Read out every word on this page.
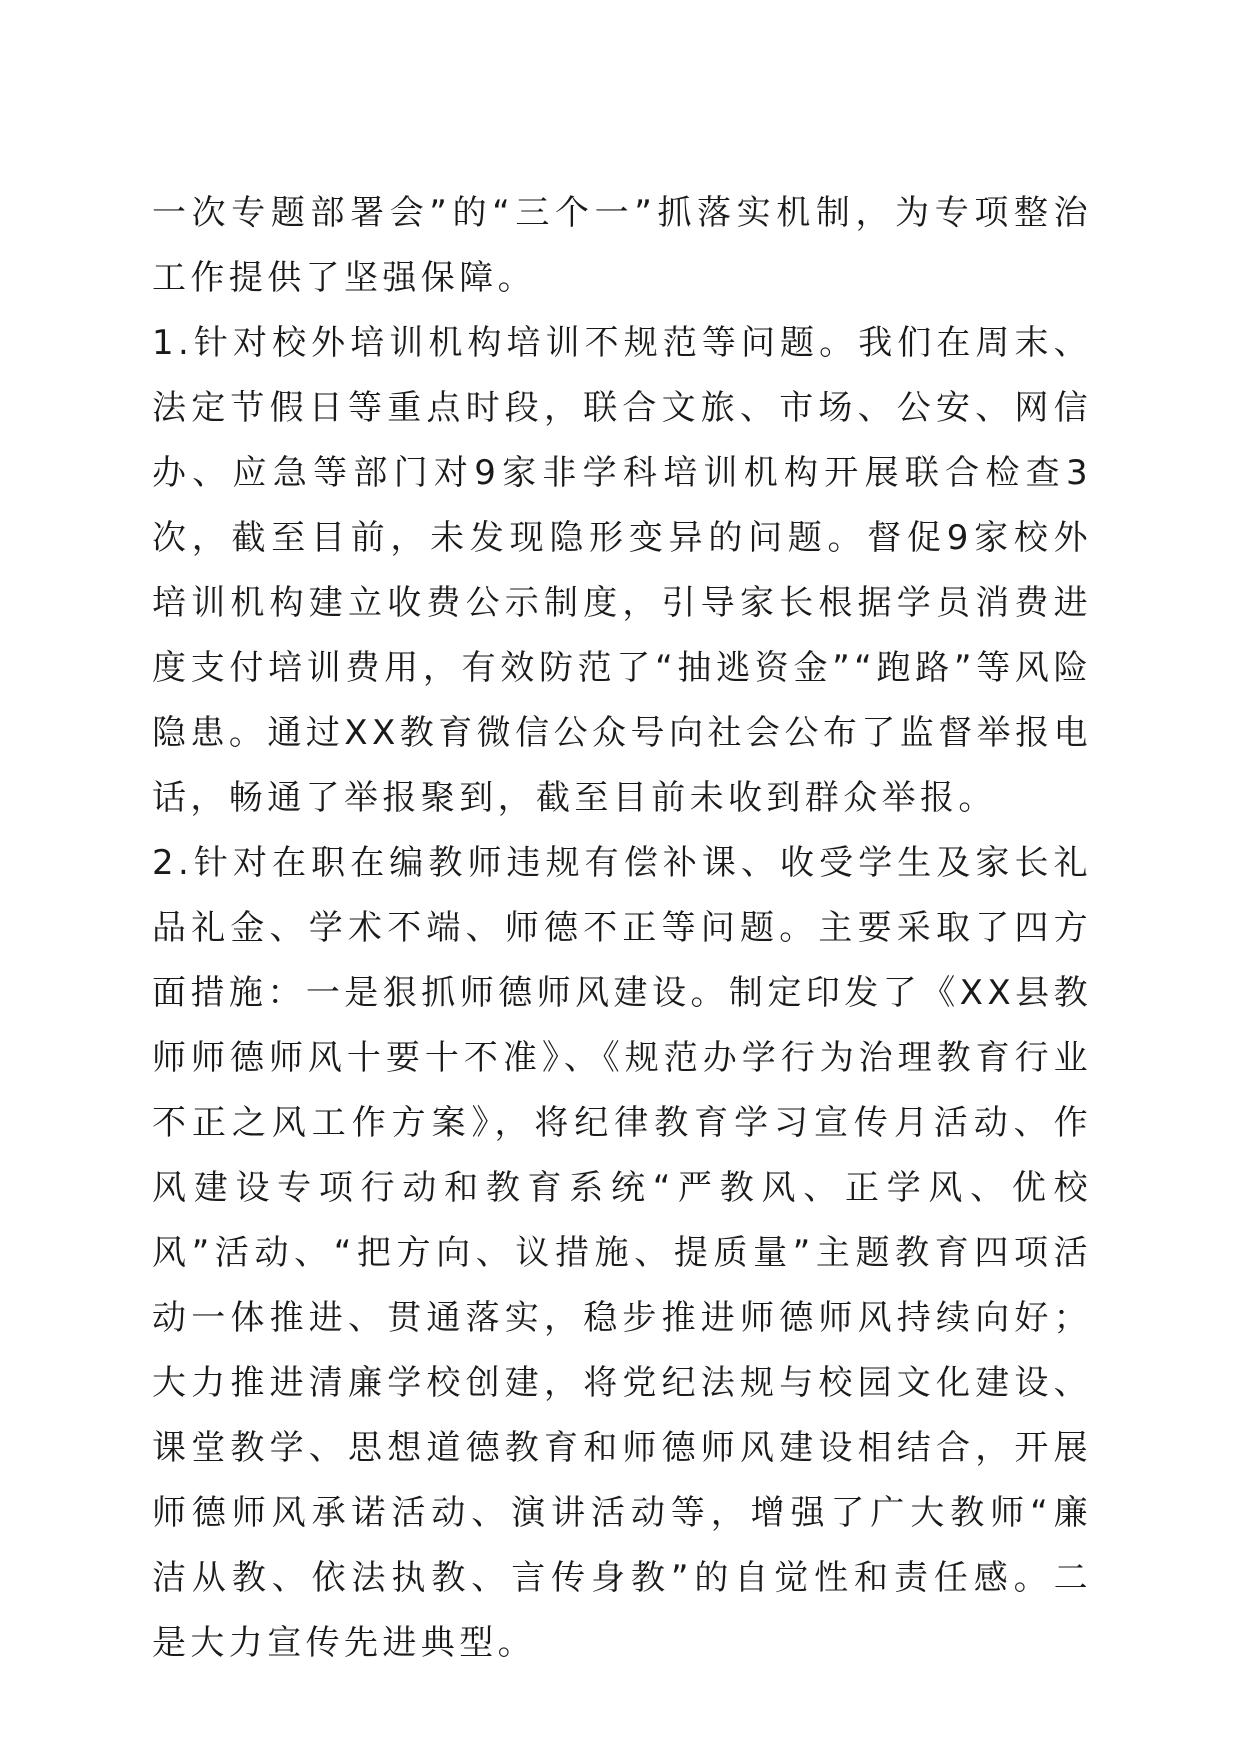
一次专题部署会”的“三个一”抓落实机制，为专项整治工作提供了坚强保障。

1.针对校外培训机构培训不规范等问题。我们在周末、法定节假日等重点时段，联合文旅、市场、公安、网信办、应急等部门对9家非学科培训机构开展联合检查3次，截至目前，未发现隐形变异的问题。督促9家校外培训机构建立收费公示制度，引导家长根据学员消费进度支付培训费用，有效防范了“抽逃资金”“跑路”等风险隐患。通过XX教育微信公众号向社会公布了监督举报电话，畅通了举报聚到，截至目前未收到群众举报。

2.针对在职在编教师违规有偿补课、收受学生及家长礼品礼金、学术不端、师德不正等问题。主要采取了四方面措施：一是狠抓师德师风建设。制定印发了《XX县教师师德师风十要十不准》、《规范办学行为治理教育行业不正之风工作方案》，将纪律教育学习宣传月活动、作风建设专项行动和教育系统“严教风、正学风、优校风”活动、“把方向、议措施、提质量”主题教育四项活动一体推进、贯通落实，稳步推进师德师风持续向好；大力推进清廉学校创建，将党纪法规与校园文化建设、课堂教学、思想道德教育和师德师风建设相结合，开展师德师风承诺活动、演讲活动等，增强了广大教师“廉洁从教、依法执教、言传身教”的自觉性和责任感。二是大力宣传先进典型。
